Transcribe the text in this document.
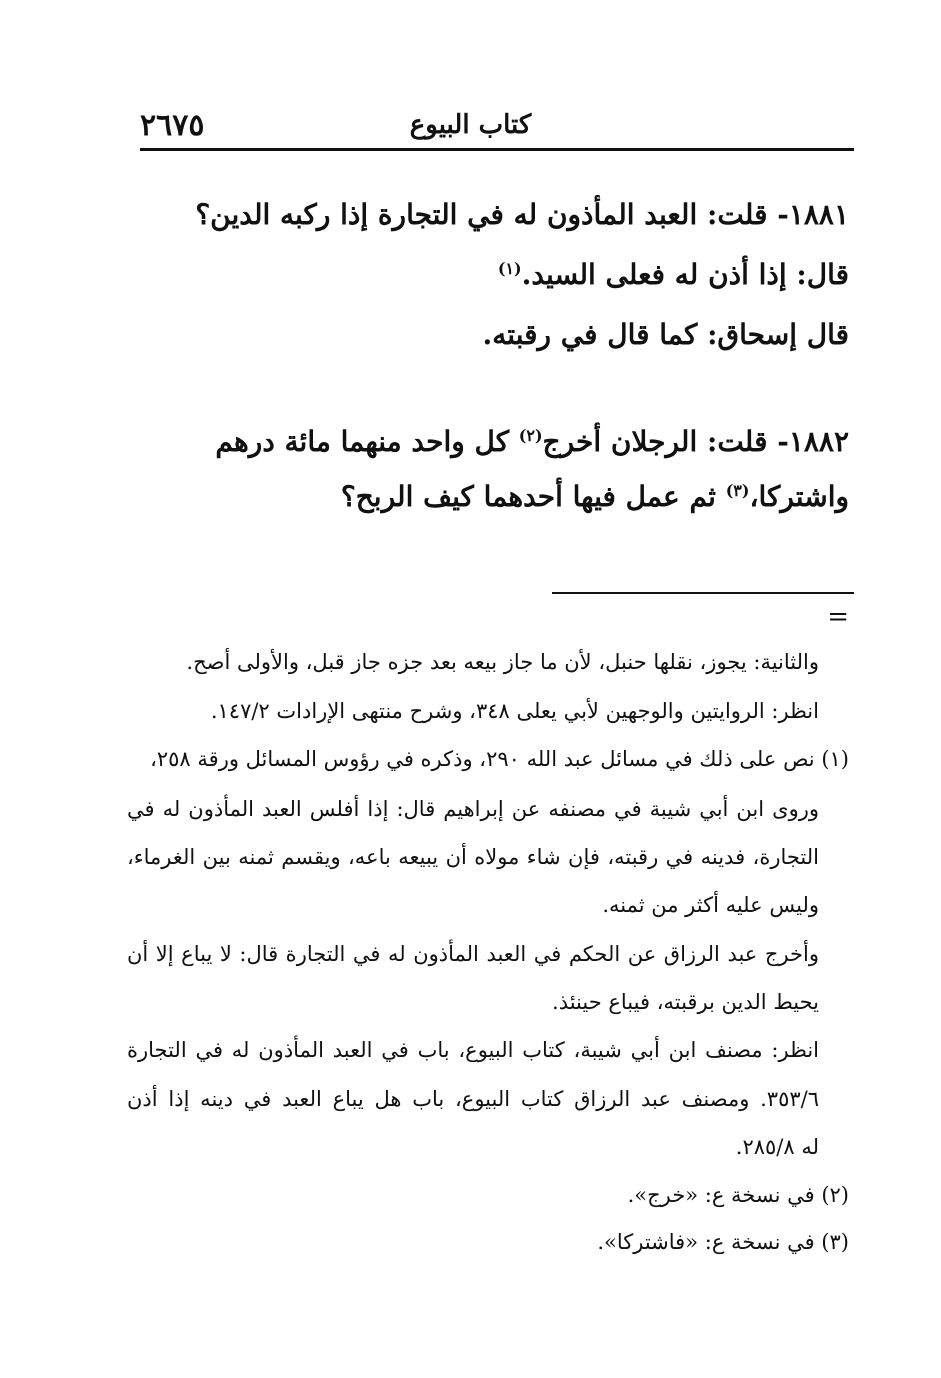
٢٦٧٥	كتاب البيوع
١٨٨١- قلت: العبد المأذون له في التجارة إذا ركبه الدين؟
قال: إذا أذن له فعلى السيد.$^{(١)}$
قال إسحاق: كما قال في رقبته.
١٨٨٢- قلت: الرجلان أخرج$^{(٢)}$ كل واحد منهما مائة درهم
واشتركا،$^{(٣)}$ ثم عمل فيها أحدهما كيف الربح؟
=
والثانية: يجوز، نقلها حنبل، لأن ما جاز بيعه بعد جزه جاز قبل، والأولى أصح.
انظر: الروايتين والوجهين لأبي يعلى ٣٤٨، وشرح منتهى الإرادات ١٤٧/٢.
(١) نص على ذلك في مسائل عبد الله ٢٩٠، وذكره في رؤوس المسائل ورقة ٢٥٨،
وروى ابن أبي شيبة في مصنفه عن إبراهيم قال: إذا أفلس العبد المأذون له في
التجارة، فدينه في رقبته، فإن شاء مولاه أن يبيعه باعه، ويقسم ثمنه بين الغرماء،
وليس عليه أكثر من ثمنه.
وأخرج عبد الرزاق عن الحكم في العبد المأذون له في التجارة قال: لا يباع إلا أن
يحيط الدين برقبته، فيباع حينئذ.
انظر: مصنف ابن أبي شيبة، كتاب البيوع، باب في العبد المأذون له في التجارة
٣٥٣/٦. ومصنف عبد الرزاق كتاب البيوع، باب هل يباع العبد في دينه إذا أذن
له ٢٨٥/٨.
(٢) في نسخة ع: «خرج».
(٣) في نسخة ع: «فاشتركا».
